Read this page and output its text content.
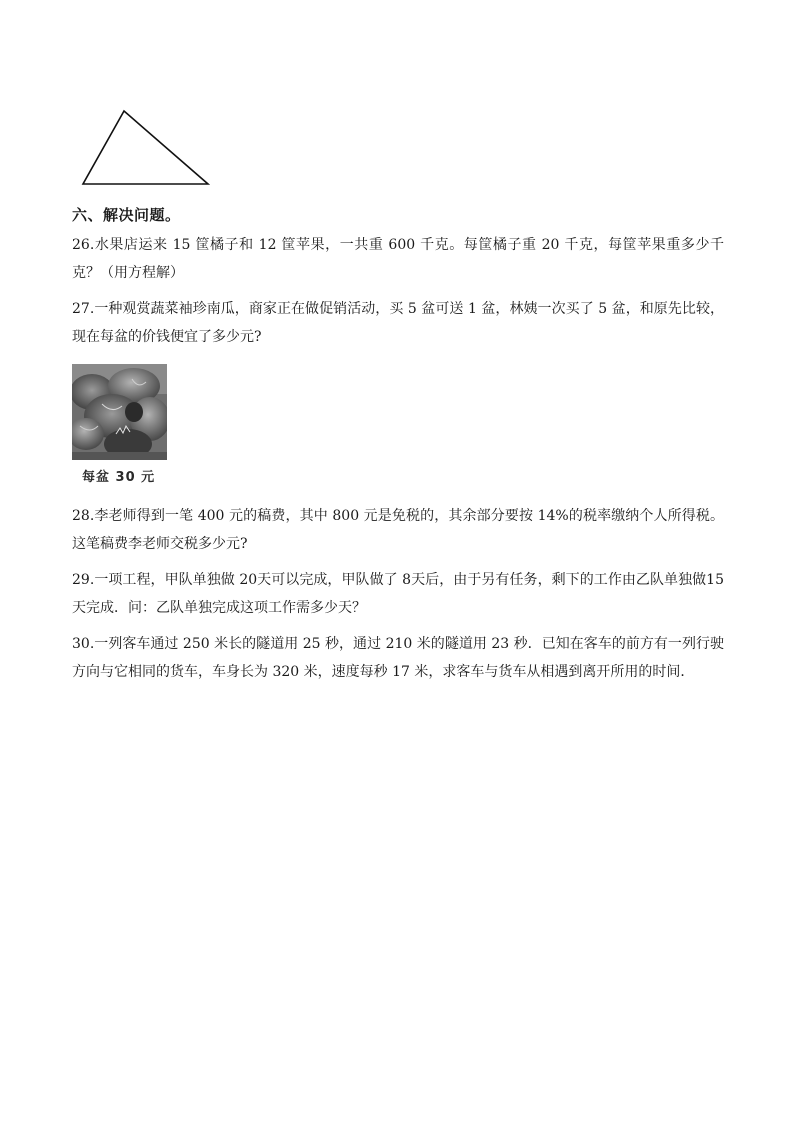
六、解决问题。
26.水果店运来 15 筐橘子和 12 筐苹果，一共重 600 千克。每筐橘子重 20 千克，每筐苹果重多少千克？（用方程解）
27.一种观赏蔬菜袖珍南瓜，商家正在做促销活动，买 5 盆可送 1 盆，林姨一次买了 5 盆，和原先比较，现在每盆的价钱便宜了多少元?
每盆 30 元
28.李老师得到一笔 400 元的稿费，其中 800 元是免税的，其余部分要按 14%的税率缴纳个人所得税。这笔稿费李老师交税多少元?
29.一项工程，甲队单独做 20天可以完成，甲队做了 8天后，由于另有任务，剩下的工作由乙队单独做15天完成．问：乙队单独完成这项工作需多少天？
30.一列客车通过 250 米长的隧道用 25 秒，通过 210 米的隧道用 23 秒．已知在客车的前方有一列行驶方向与它相同的货车，车身长为 320 米，速度每秒 17 米，求客车与货车从相遇到离开所用的时间．
